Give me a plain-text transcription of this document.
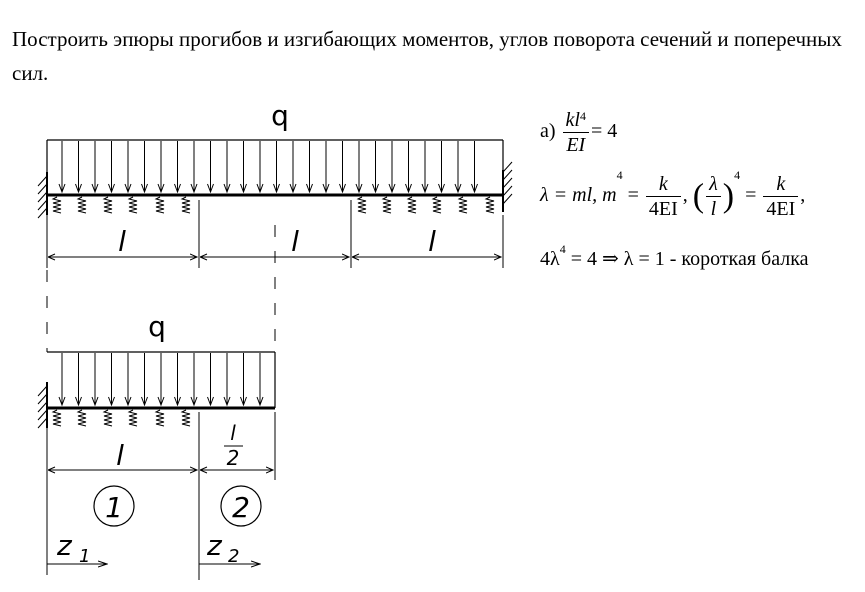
Построить эпюры прогибов и изгибающих моментов, углов поворота сечений и поперечных сил.
q
l	l	l
q
l
l
2
1	2
z 1	z 2
$а) \frac{kl^4}{EI} = 4$
λ = ml, $m^4 = \frac{k}{4EI}$ , ( $\frac{\lambda}{l} )^4 = \frac{k}{4EI}$ ,
$4\lambda^4 = 4$ ⇒ λ = 1 - короткая балка
